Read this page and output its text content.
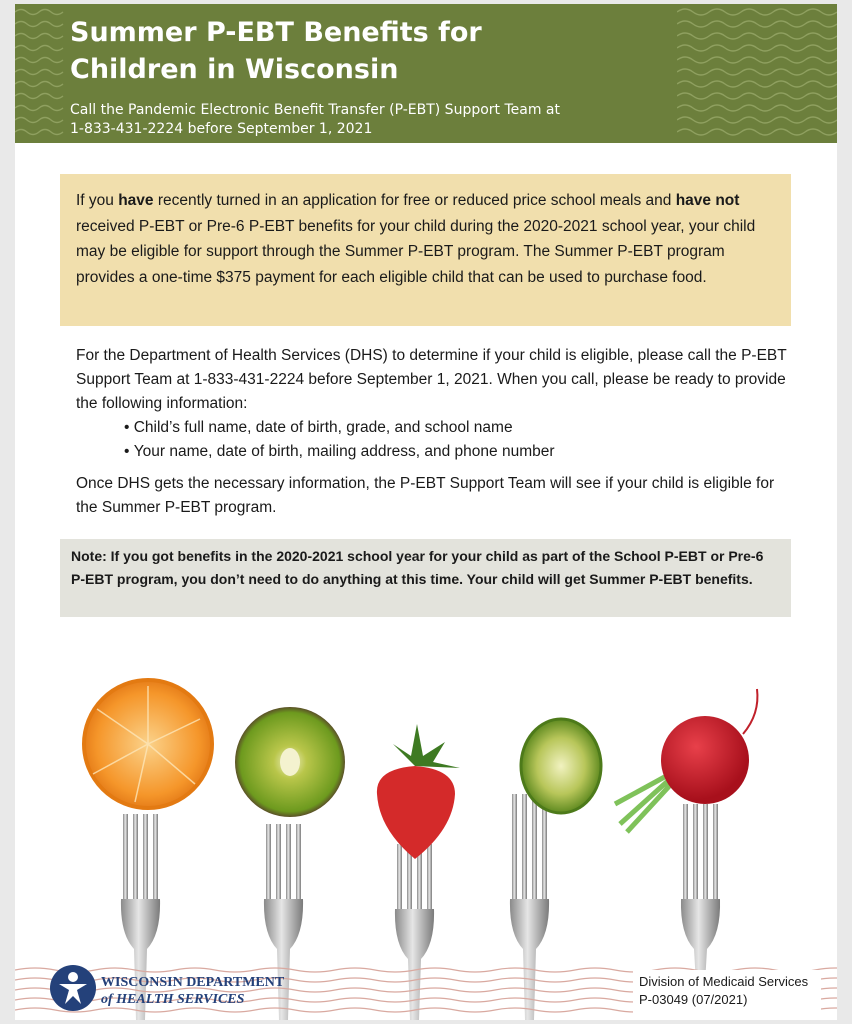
Summer P-EBT Benefits for
Children in Wisconsin
Call the Pandemic Electronic Benefit Transfer (P-EBT) Support Team at
1-833-431-2224 before September 1, 2021

If you have recently turned in an application for free or reduced price school meals and have not received P-EBT or Pre-6 P-EBT benefits for your child during the 2020-2021 school year, your child may be eligible for support through the Summer P-EBT program. The Summer P-EBT program provides a one-time $375 payment for each eligible child that can be used to purchase food.

For the Department of Health Services (DHS) to determine if your child is eligible, please call the P-EBT Support Team at 1-833-431-2224 before September 1, 2021. When you call, please be ready to provide the following information:

• Child’s full name, date of birth, grade, and school name
• Your name, date of birth, mailing address, and phone number

Once DHS gets the necessary information, the P-EBT Support Team will see if your child is eligible for the Summer P-EBT program.

Note: If you got benefits in the 2020-2021 school year for your child as part of the School P-EBT or Pre-6 P-EBT program, you don’t need to do anything at this time. Your child will get Summer P-EBT benefits.

WISCONSIN DEPARTMENT
of HEALTH SERVICES
Division of Medicaid Services
P-03049 (07/2021)
